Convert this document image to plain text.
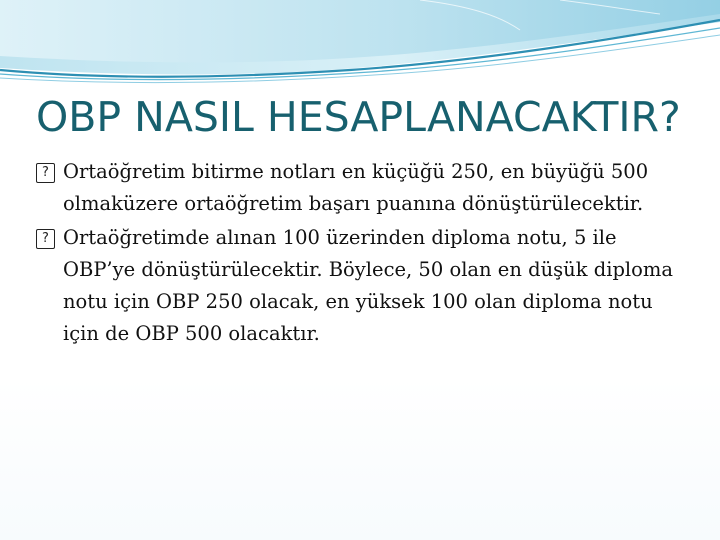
OBP NASIL HESAPLANACAKTIR?
?
Ortaöğretim bitirme notları en küçüğü 250, en büyüğü 500 olmaküzere ortaöğretim başarı puanına dönüştürülecektir.
?
Ortaöğretimde alınan 100 üzerinden diploma notu, 5 ile OBP’ye dönüştürülecektir. Böylece, 50 olan en düşük diploma notu için OBP 250 olacak, en yüksek 100 olan diploma notu için de OBP 500 olacaktır.
